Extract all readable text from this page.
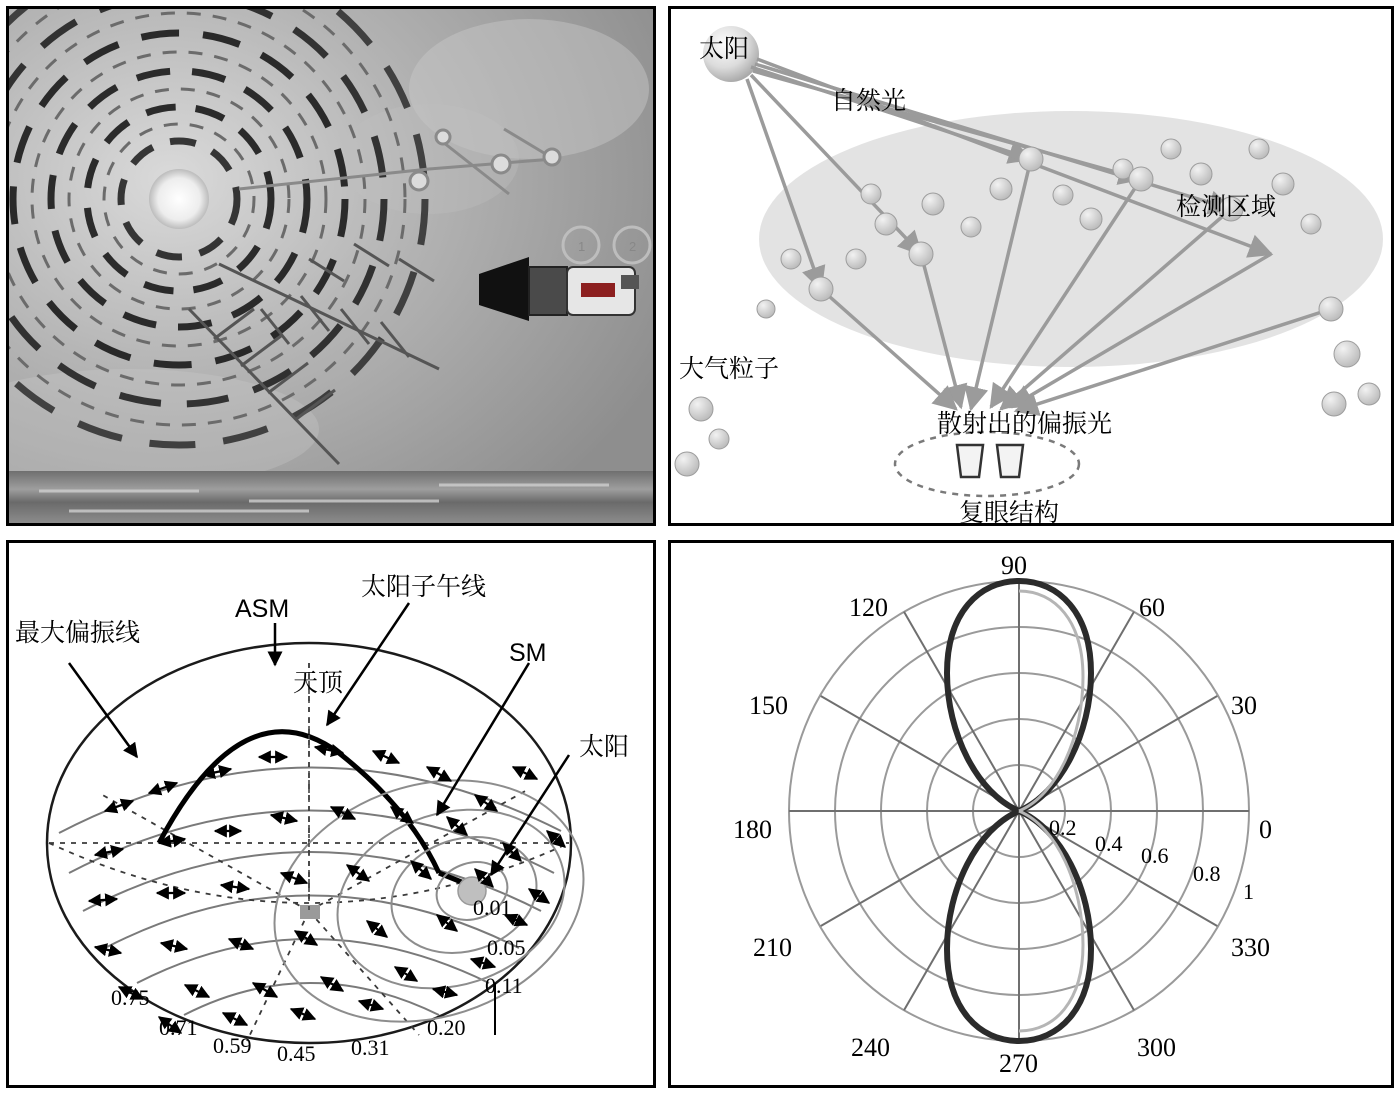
1	2
太阳
自然光
检测区域
大气粒子
散射出的偏振光
复眼结构
最大偏振线
ASM
太阳子午线
天顶
SM
太阳
0.01
0.05
0.11
0.20
0.31
0.45
0.59
0.71
0.75
90
120	60
150	30
180	0
210	330
240	300
270
0.2
0.4 0.6
0.8
1
